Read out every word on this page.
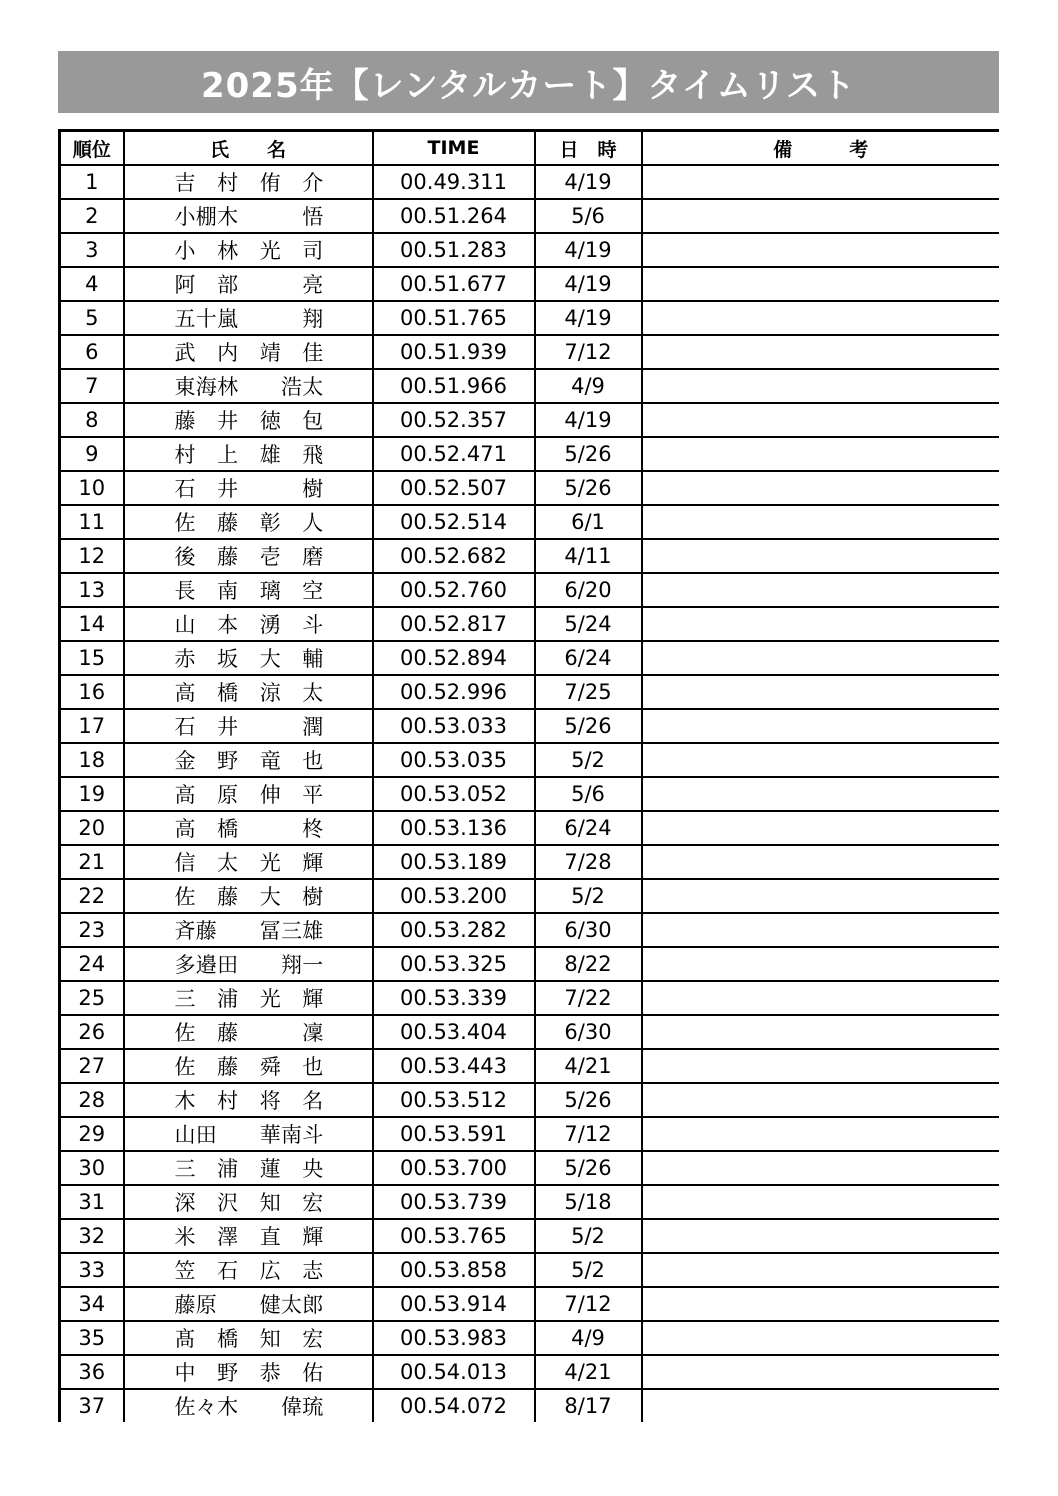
2025年【レンタルカート】タイムリスト
順位	氏　　名	TIME	日　時	備　　　考
1	吉　村　侑　介	00.49.311	4/19	
2	小棚木　　　悟	00.51.264	5/6	
3	小　林　光　司	00.51.283	4/19	
4	阿　部　　　亮	00.51.677	4/19	
5	五十嵐　　　翔	00.51.765	4/19	
6	武　内　靖　佳	00.51.939	7/12	
7	東海林　　浩太	00.51.966	4/9	
8	藤　井　徳　包	00.52.357	4/19	
9	村　上　雄　飛	00.52.471	5/26	
10	石　井　　　樹	00.52.507	5/26	
11	佐　藤　彰　人	00.52.514	6/1	
12	後　藤　壱　磨	00.52.682	4/11	
13	長　南　璃　空	00.52.760	6/20	
14	山　本　湧　斗	00.52.817	5/24	
15	赤　坂　大　輔	00.52.894	6/24	
16	高　橋　涼　太	00.52.996	7/25	
17	石　井　　　潤	00.53.033	5/26	
18	金　野　竜　也	00.53.035	5/2	
19	高　原　伸　平	00.53.052	5/6	
20	高　橋　　　柊	00.53.136	6/24	
21	信　太　光　輝	00.53.189	7/28	
22	佐　藤　大　樹	00.53.200	5/2	
23	斉藤　　冨三雄	00.53.282	6/30	
24	多邉田　　翔一	00.53.325	8/22	
25	三　浦　光　輝	00.53.339	7/22	
26	佐　藤　　　凜	00.53.404	6/30	
27	佐　藤　舜　也	00.53.443	4/21	
28	木　村　将　名	00.53.512	5/26	
29	山田　　華南斗	00.53.591	7/12	
30	三　浦　蓮　央	00.53.700	5/26	
31	深　沢　知　宏	00.53.739	5/18	
32	米　澤　直　輝	00.53.765	5/2	
33	笠　石　広　志	00.53.858	5/2	
34	藤原　　健太郎	00.53.914	7/12	
35	髙　橋　知　宏	00.53.983	4/9	
36	中　野　恭　佑	00.54.013	4/21	
37	佐々木　　偉琉	00.54.072	8/17	
